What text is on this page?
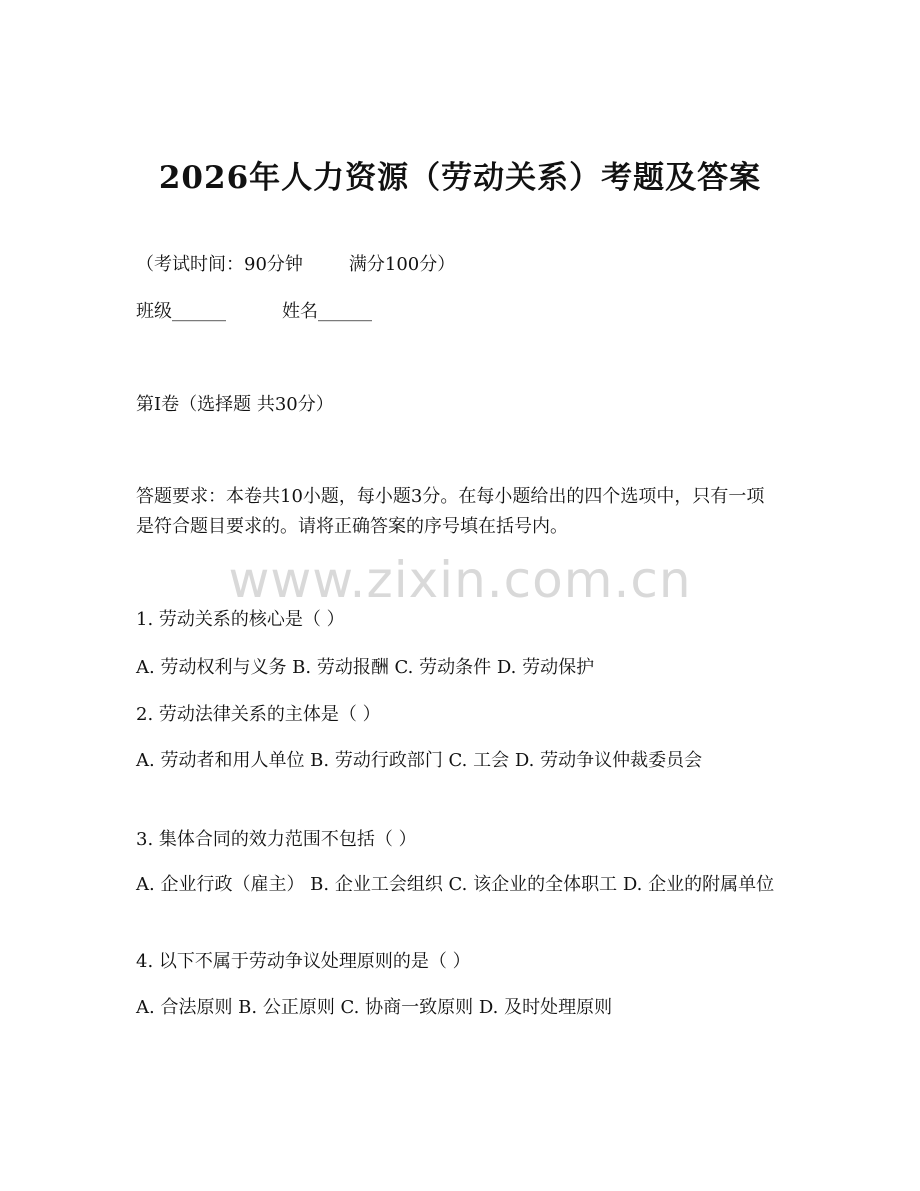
2026年人力资源（劳动关系）考题及答案
（考试时间：90分钟	满分100分）
班级______	姓名______
第I卷（选择题 共30分）
答题要求：本卷共10小题，每小题3分。在每小题给出的四个选项中，只有一项是符合题目要求的。请将正确答案的序号填在括号内。
www.zixin.com.cn
1. 劳动关系的核心是（ ）
A. 劳动权利与义务 B. 劳动报酬 C. 劳动条件 D. 劳动保护
2. 劳动法律关系的主体是（ ）
A. 劳动者和用人单位 B. 劳动行政部门 C. 工会 D. 劳动争议仲裁委员会
3. 集体合同的效力范围不包括（ ）
A. 企业行政（雇主） B. 企业工会组织 C. 该企业的全体职工 D. 企业的附属单位
4. 以下不属于劳动争议处理原则的是（ ）
A. 合法原则 B. 公正原则 C. 协商一致原则 D. 及时处理原则
